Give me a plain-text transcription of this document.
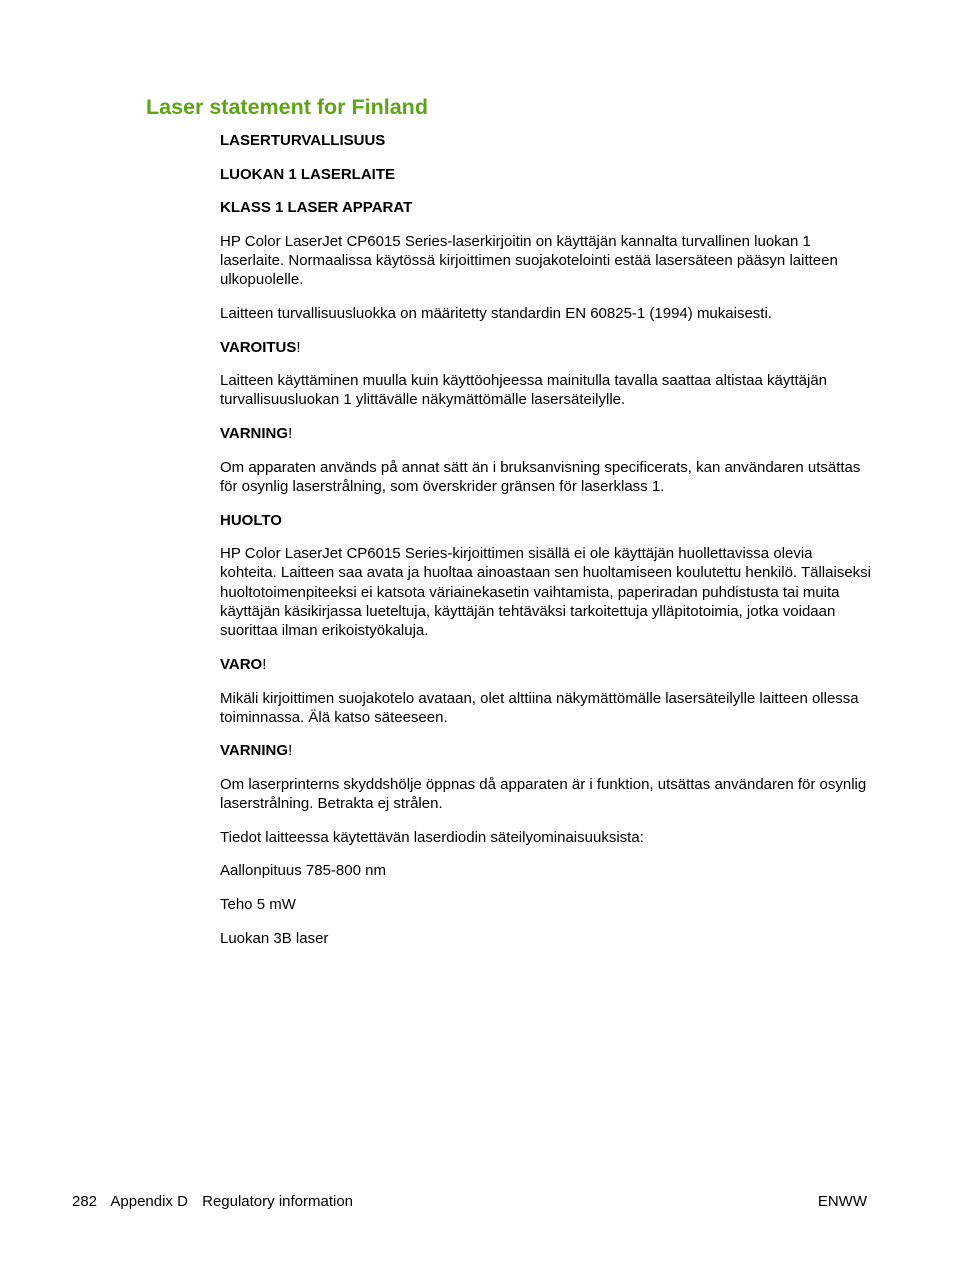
Laser statement for Finland

LASERTURVALLISUUS

LUOKAN 1 LASERLAITE

KLASS 1 LASER APPARAT

HP Color LaserJet CP6015 Series-laserkirjoitin on käyttäjän kannalta turvallinen luokan 1 laserlaite. Normaalissa käytössä kirjoittimen suojakotelointi estää lasersäteen pääsyn laitteen ulkopuolelle.

Laitteen turvallisuusluokka on määritetty standardin EN 60825-1 (1994) mukaisesti.

VAROITUS!

Laitteen käyttäminen muulla kuin käyttöohjeessa mainitulla tavalla saattaa altistaa käyttäjän turvallisuusluokan 1 ylittävälle näkymättömälle lasersäteilylle.

VARNING!

Om apparaten används på annat sätt än i bruksanvisning specificerats, kan användaren utsättas för osynlig laserstrålning, som överskrider gränsen för laserklass 1.

HUOLTO

HP Color LaserJet CP6015 Series-kirjoittimen sisällä ei ole käyttäjän huollettavissa olevia kohteita. Laitteen saa avata ja huoltaa ainoastaan sen huoltamiseen koulutettu henkilö. Tällaiseksi huoltotoimenpiteeksi ei katsota väriainekasetin vaihtamista, paperiradan puhdistusta tai muita käyttäjän käsikirjassa lueteltuja, käyttäjän tehtäväksi tarkoitettuja ylläpitotoimia, jotka voidaan suorittaa ilman erikoistyökaluja.

VARO!

Mikäli kirjoittimen suojakotelo avataan, olet alttiina näkymättömälle lasersäteilylle laitteen ollessa toiminnassa. Älä katso säteeseen.

VARNING!

Om laserprinterns skyddshölje öppnas då apparaten är i funktion, utsättas användaren för osynlig laserstrålning. Betrakta ej strålen.

Tiedot laitteessa käytettävän laserdiodin säteilyominaisuuksista:

Aallonpituus 785-800 nm

Teho 5 mW

Luokan 3B laser

282 Appendix D Regulatory information	ENWW
